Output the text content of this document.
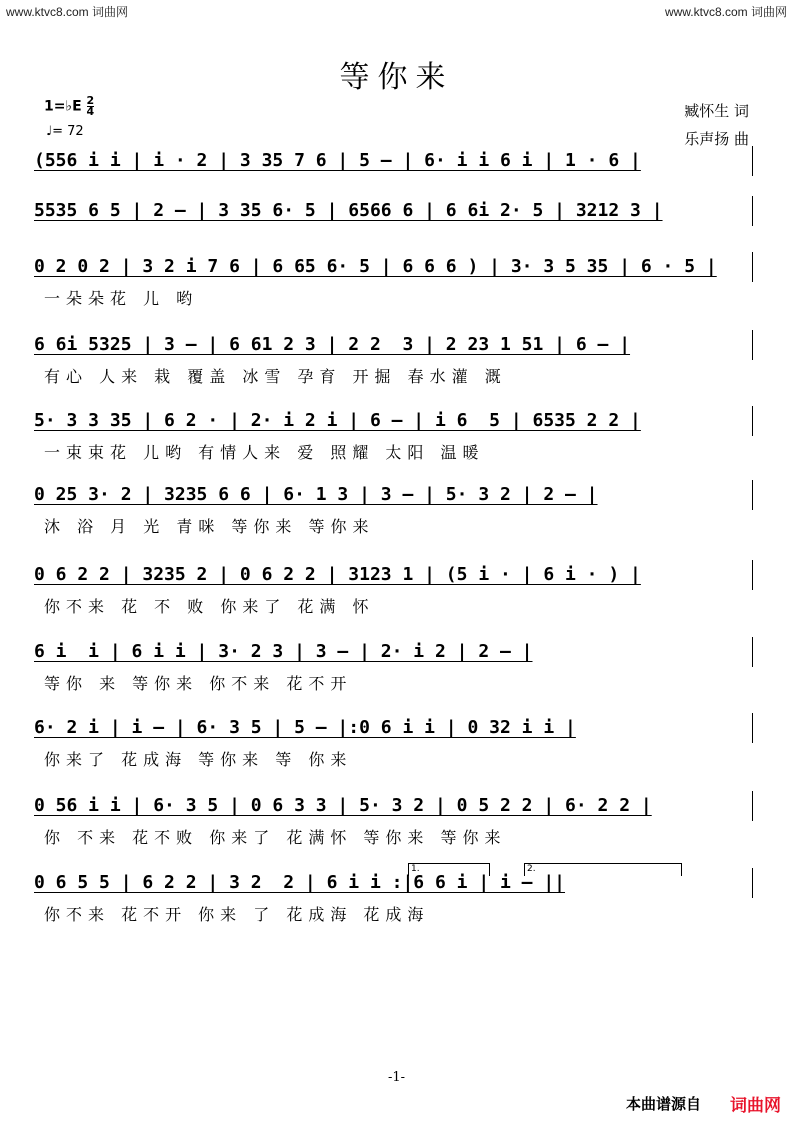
www.ktvc8.com 词曲网	www.ktvc8.com 词曲网
等你来
1=♭E $\frac{2}{4}$
♩= 72
臧怀生 词
乐声扬 曲
(556 i i | i · 2 | 3 35 7 6 | 5 – | 6· i i 6 i | 1 · 6 |
5535 6 5 | 2 – | 3 35 6· 5 | 6566 6 | 6 6i 2· 5 | 3212 3 |
0 2 0 2 | 3 2 i 7 6 | 6 65 6· 5 | 6 6 6 ) | 3· 3 5 35 | 6 · 5 |
一朵朵花 儿 哟
6 6i 5325 | 3 – | 6 61 2 3 | 2 2  3 | 2 23 1 51 | 6 – |
有心 人来 栽 覆盖 冰雪 孕育 开掘 春水灌 溉
5· 3 3 35 | 6 2 · | 2· i 2 i | 6 – | i 6  5 | 6535 2 2 |
一束束花 儿哟 有情人来 爱 照耀 太阳 温暖
0 25 3· 2 | 3235 6 6 | 6· 1 3 | 3 – | 5· 3 2 | 2 – |
沐 浴 月 光 青咪 等你来 等你来
0 6 2 2 | 3235 2 | 0 6 2 2 | 3123 1 | (5 i · | 6 i · ) |
你不来 花 不 败 你来了 花满 怀
6 i  i | 6 i i | 3· 2 3 | 3 – | 2· i 2 | 2 – |
等你 来 等你来 你不来 花不开
6· 2 i | i – | 6· 3 5 | 5 – |:0 6 i i | 0 32 i i |
你来了 花成海 等你来 等 你来
0 56 i i | 6· 3 5 | 0 6 3 3 | 5· 3 2 | 0 5 2 2 | 6· 2 2 |
你 不来 花不败 你来了 花满怀 等你来 等你来
0 6 5 5 | 6 2 2 | 3 2  2 | 6 i i :|6 6 i | i – ||
你不来 花不开 你来 了 花成海 花成海
1.	2.
-1-
本曲谱源自 词曲网
